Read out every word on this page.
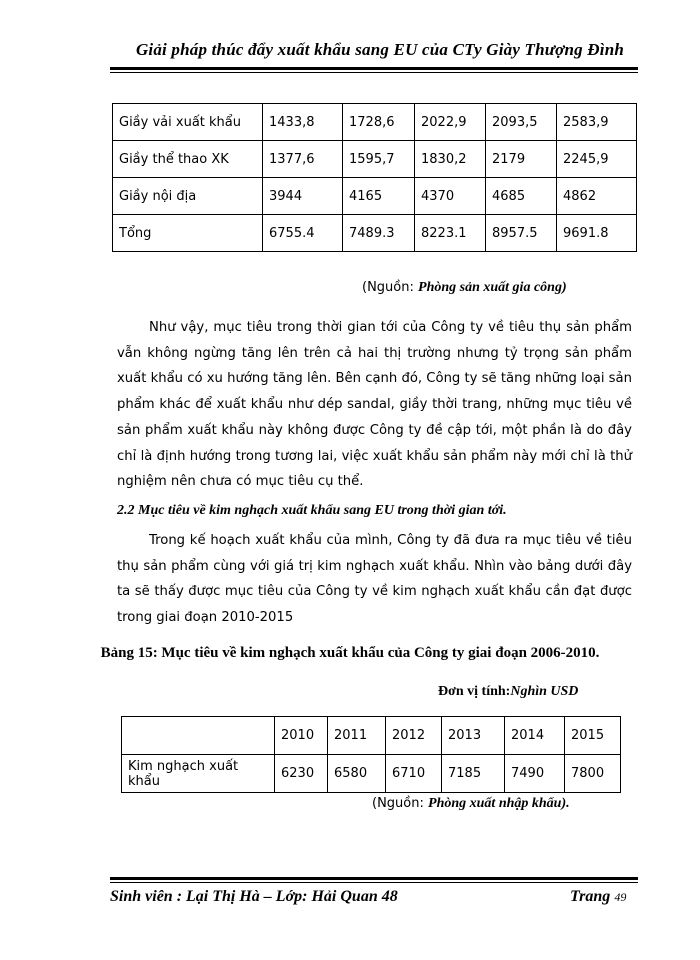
Giải pháp thúc đẩy xuất khẩu sang EU của CTy Giày Thượng Đình
Giầy vải xuất khẩu	1433,8	1728,6	2022,9	2093,5	2583,9
Giầy thể thao XK	1377,6	1595,7	1830,2	2179	2245,9
Giầy nội địa	3944	4165	4370	4685	4862
Tổng	6755.4	7489.3	8223.1	8957.5	9691.8
(Nguồn: Phòng sản xuất gia công)

Như vậy, mục tiêu trong thời gian tới của Công ty về tiêu thụ sản phẩm vẫn không ngừng tăng lên trên cả hai thị trường nhưng tỷ trọng sản phẩm xuất khẩu có xu hướng tăng lên. Bên cạnh đó, Công ty sẽ tăng những loại sản phẩm khác để xuất khẩu như dép sandal, giầy thời trang, những mục tiêu về sản phẩm xuất khẩu này không được Công ty đề cập tới, một phần là do đây chỉ là định hướng trong tương lai, việc xuất khẩu sản phẩm này mới chỉ là thử nghiệm nên chưa có mục tiêu cụ thể.

2.2 Mục tiêu về kim nghạch xuất khẩu sang EU trong thời gian tới.

Trong kế hoạch xuất khẩu của mình, Công ty đã đưa ra mục tiêu về tiêu thụ sản phẩm cùng với giá trị kim nghạch xuất khẩu. Nhìn vào bảng dưới đây ta sẽ thấy được mục tiêu của Công ty về kim nghạch xuất khẩu cần đạt được trong giai đoạn 2010-2015

Bảng 15: Mục tiêu về kim nghạch xuất khẩu của Công ty giai đoạn 2006-2010.
Đơn vị tính:Nghìn USD
	2010	2011	2012	2013	2014	2015
Kim nghạch xuất khẩu	6230	6580	6710	7185	7490	7800
(Nguồn: Phòng xuất nhập khẩu).
Sinh viên : Lại Thị Hà – Lớp: Hải Quan 48	Trang 49
